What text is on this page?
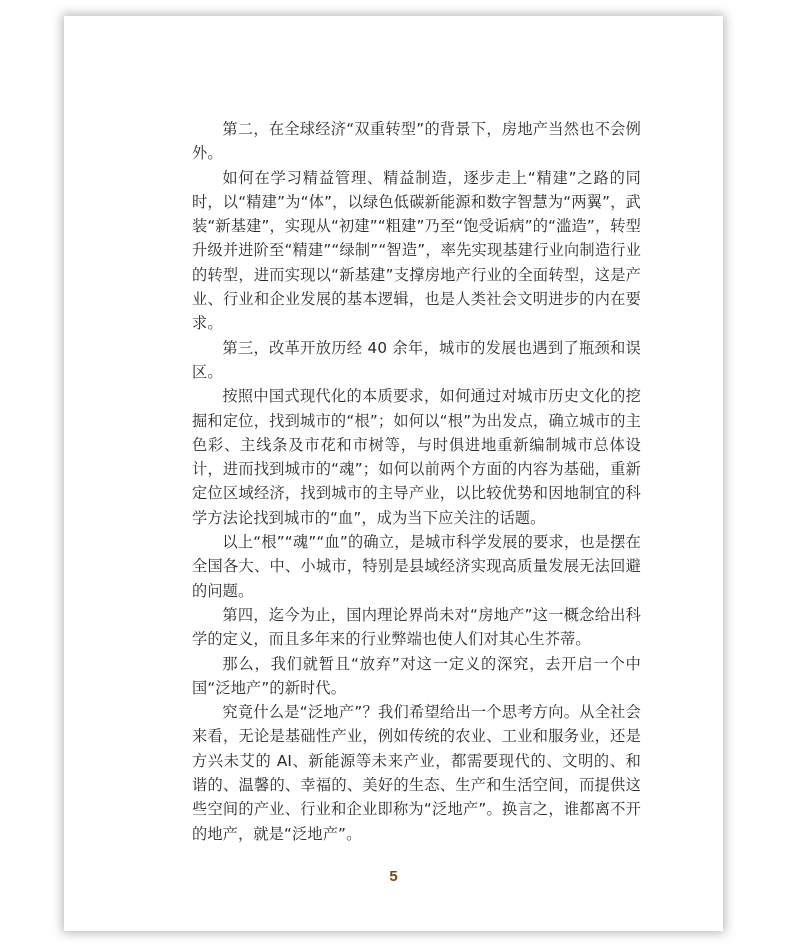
第二，在全球经济“双重转型”的背景下，房地产当然也不会例外。

如何在学习精益管理、精益制造，逐步走上“精建”之路的同时，以“精建”为“体”，以绿色低碳新能源和数字智慧为“两翼”，武装“新基建”，实现从“初建”“粗建”乃至“饱受诟病”的“滥造”，转型升级并进阶至“精建”“绿制”“智造”，率先实现基建行业向制造行业的转型，进而实现以“新基建”支撑房地产行业的全面转型，这是产业、行业和企业发展的基本逻辑，也是人类社会文明进步的内在要求。

第三，改革开放历经 40 余年，城市的发展也遇到了瓶颈和误区。

按照中国式现代化的本质要求，如何通过对城市历史文化的挖掘和定位，找到城市的“根”；如何以“根”为出发点，确立城市的主色彩、主线条及市花和市树等，与时俱进地重新编制城市总体设计，进而找到城市的“魂”；如何以前两个方面的内容为基础，重新定位区域经济，找到城市的主导产业，以比较优势和因地制宜的科学方法论找到城市的“血”，成为当下应关注的话题。

以上“根”“魂”“血”的确立，是城市科学发展的要求，也是摆在全国各大、中、小城市，特别是县域经济实现高质量发展无法回避的问题。

第四，迄今为止，国内理论界尚未对“房地产”这一概念给出科学的定义，而且多年来的行业弊端也使人们对其心生芥蒂。

那么，我们就暂且“放弃”对这一定义的深究，去开启一个中国“泛地产”的新时代。

究竟什么是“泛地产”？我们希望给出一个思考方向。从全社会来看，无论是基础性产业，例如传统的农业、工业和服务业，还是方兴未艾的 AI、新能源等未来产业，都需要现代的、文明的、和谐的、温馨的、幸福的、美好的生态、生产和生活空间，而提供这些空间的产业、行业和企业即称为“泛地产”。换言之，谁都离不开的地产，就是“泛地产”。

5
